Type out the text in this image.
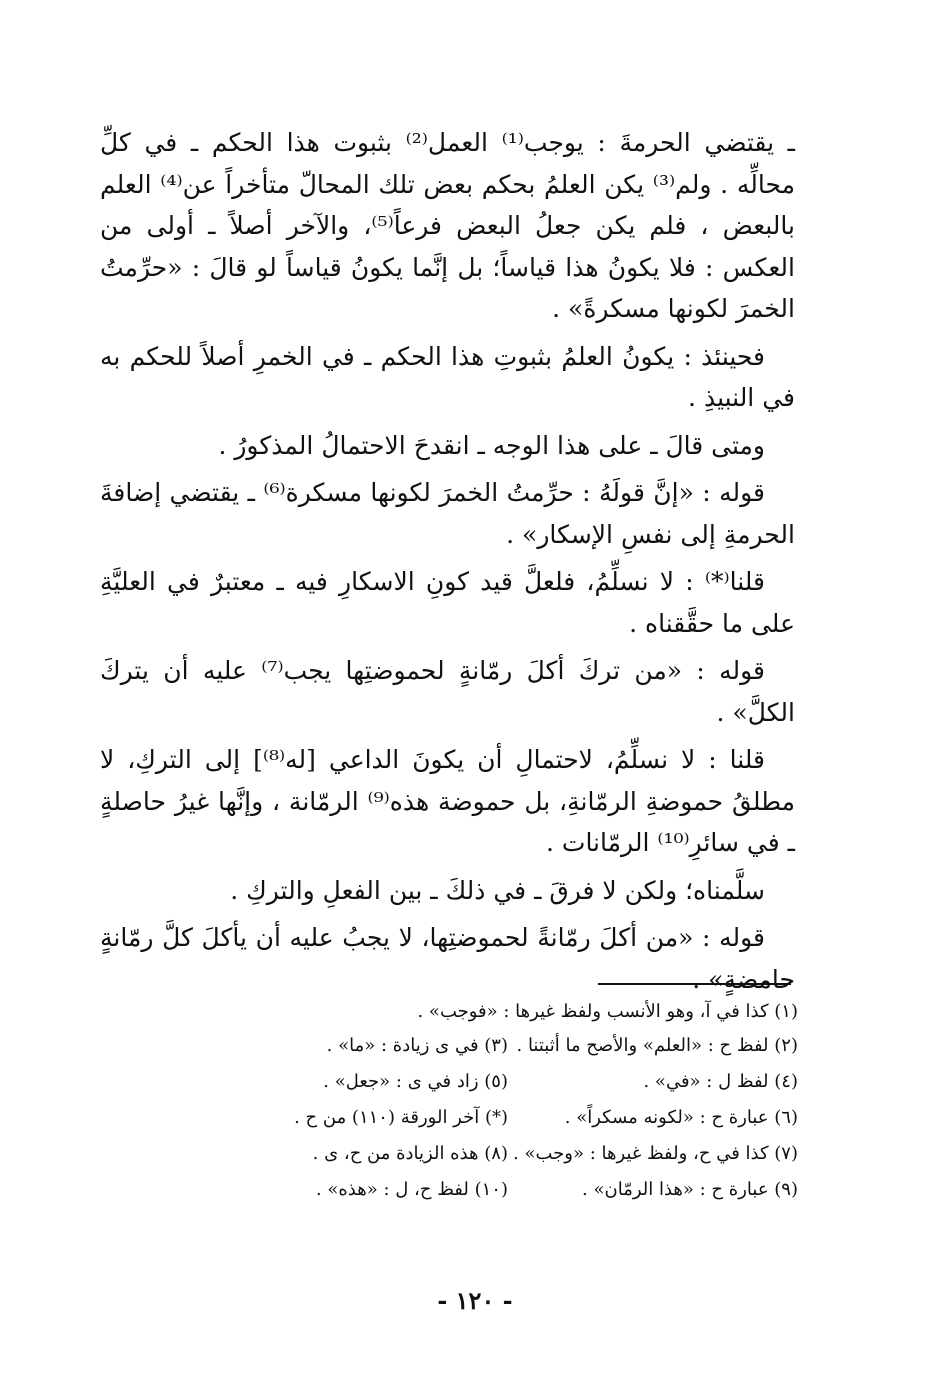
ـ يقتضي الحرمةَ : يوجب⁽¹⁾ العمل⁽²⁾ بثبوت هذا الحكم ـ في كلِّ محالِّه . ولم⁽³⁾ يكن العلمُ بحكم بعض تلك المحالّ متأخراً عن⁽⁴⁾ العلم بالبعض ، فلم يكن جعلُ البعض فرعاً⁽⁵⁾، والآخر أصلاً ـ أولى من العكس : فلا يكونُ هذا قياساً؛ بل إنَّما يكونُ قياساً لو قالَ : «حرِّمتُ الخمرَ لكونها مسكرةً» .

فحينئذ : يكونُ العلمُ بثبوتِ هذا الحكم ـ في الخمرِ أصلاً للحكم به في النبيذِ .

ومتى قالَ ـ على هذا الوجه ـ انقدحَ الاحتمالُ المذكورُ .

قوله : «إنَّ قولَهُ : حرِّمتُ الخمرَ لكونها مسكرة⁽⁶⁾ ـ يقتضي إضافةَ الحرمةِ إلى نفسِ الإسكار» .

قلنا⁽*⁾ : لا نسلِّمُ، فلعلَّ قيد كونِ الاسكارِ فيه ـ معتبرٌ في العليَّةِ على ما حقَّقناه .

قوله : «من تركَ أكلَ رمّانةٍ لحموضتِها يجب⁽⁷⁾ عليه أن يتركَ الكلَّ» .

قلنا : لا نسلِّمُ، لاحتمالِ أن يكونَ الداعي [له⁽⁸⁾] إلى التركِ، لا مطلقُ حموضةِ الرمّانةِ، بل حموضة هذه⁽⁹⁾ الرمّانة ، وإنَّها غيرُ حاصلةٍ ـ في سائرِ⁽¹⁰⁾ الرمّانات .

سلَّمناه؛ ولكن لا فرقَ ـ في ذلكَ ـ بين الفعلِ والتركِ .

قوله : «من أكلَ رمّانةً لحموضتِها، لا يجبُ عليه أن يأكلَ كلَّ رمّانةٍ حامضةٍ» .

(١) كذا في آ، وهو الأنسب ولفظ غيرها : «فوجب» .
(٢) لفظ ح : «العلم» والأصح ما أثبتنا .
(٣) في ى زيادة : «ما» .
(٤) لفظ ل : «في» .
(٥) زاد في ى : «جعل» .
(٦) عبارة ح : «لكونه مسكراً» .
(*) آخر الورقة (١١٠) من ح .
(٧) كذا في ح، ولفظ غيرها : «وجب» .
(٨) هذه الزيادة من ح، ى .
(٩) عبارة ح : «هذا الرمّان» .
(١٠) لفظ ح، ل : «هذه» .
- ١٢٠ -
